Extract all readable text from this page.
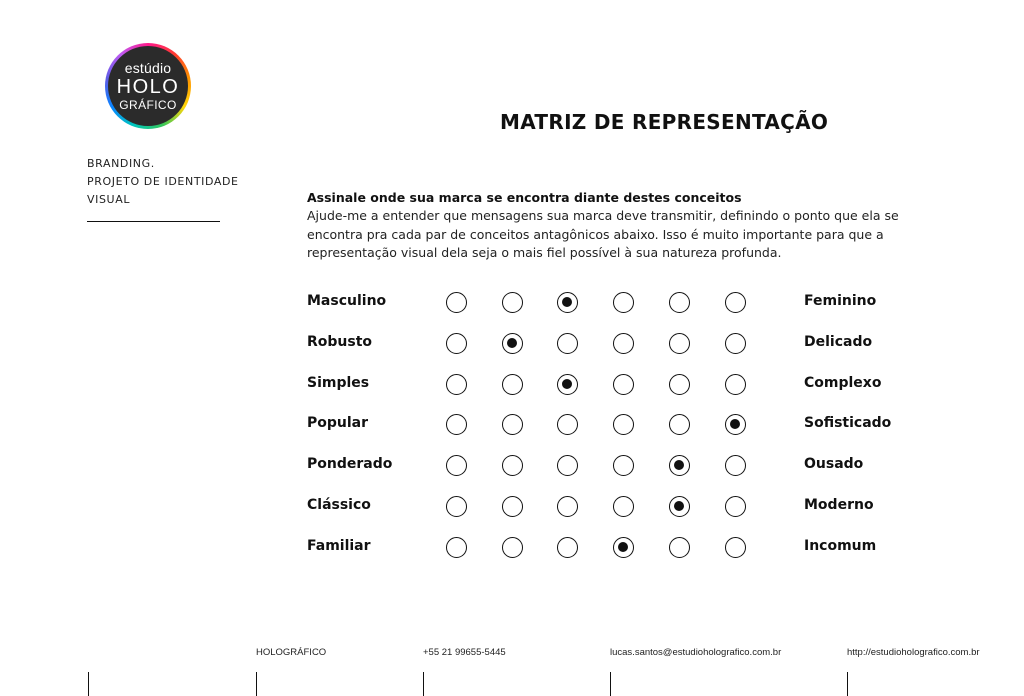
estúdio
HOLO
GRÁFICO
BRANDING.
PROJETO DE IDENTIDADE
VISUAL
MATRIZ DE REPRESENTAÇÃO
Assinale onde sua marca se encontra diante destes conceitos
Ajude-me a entender que mensagens sua marca deve transmitir, definindo o ponto que ela se encontra pra cada par de conceitos antagônicos abaixo. Isso é muito importante para que a representação visual dela seja o mais fiel possível à sua natureza profunda.
Masculino	Feminino
Robusto	Delicado
Simples	Complexo
Popular	Sofisticado
Ponderado	Ousado
Clássico	Moderno
Familiar	Incomum
HOLOGRÁFICO	+55 21 99655-5445	lucas.santos@estudioholografico.com.br	http://estudioholografico.com.br
